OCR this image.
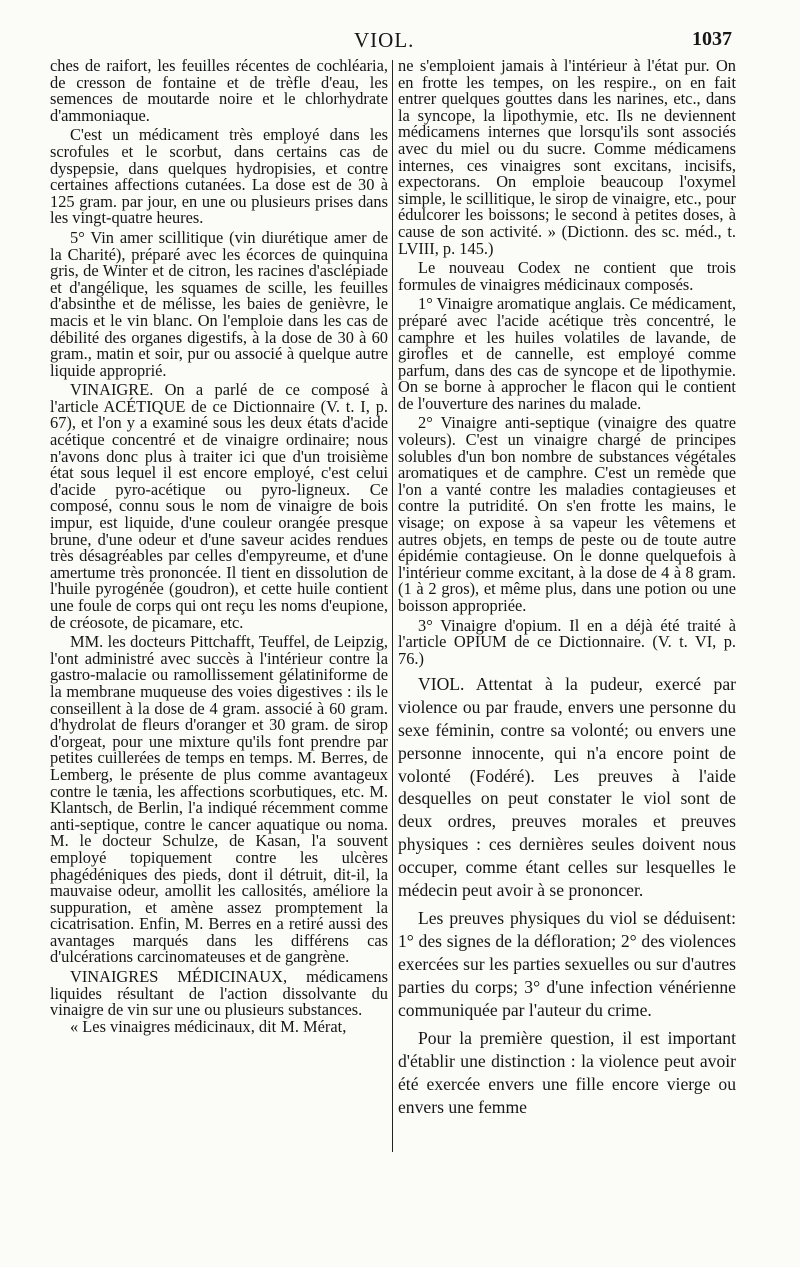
VIOL.	1037

ches de raifort, les feuilles récentes de cochléaria, de cresson de fontaine et de trèfle d'eau, les semences de moutarde noire et le chlorhydrate d'ammoniaque.

C'est un médicament très employé dans les scrofules et le scorbut, dans certains cas de dyspepsie, dans quelques hydropisies, et contre certaines affections cutanées. La dose est de 30 à 125 gram. par jour, en une ou plusieurs prises dans les vingt-quatre heures.

5° Vin amer scillitique (vin diurétique amer de la Charité), préparé avec les écorces de quinquina gris, de Winter et de citron, les racines d'asclépiade et d'angélique, les squames de scille, les feuilles d'absinthe et de mélisse, les baies de genièvre, le macis et le vin blanc. On l'emploie dans les cas de débilité des organes digestifs, à la dose de 30 à 60 gram., matin et soir, pur ou associé à quelque autre liquide approprié.

VINAIGRE. On a parlé de ce composé à l'article ACÉTIQUE de ce Dictionnaire (V. t. I, p. 67), et l'on y a examiné sous les deux états d'acide acétique concentré et de vinaigre ordinaire; nous n'avons donc plus à traiter ici que d'un troisième état sous lequel il est encore employé, c'est celui d'acide pyro-acétique ou pyro-ligneux. Ce composé, connu sous le nom de vinaigre de bois impur, est liquide, d'une couleur orangée presque brune, d'une odeur et d'une saveur acides rendues très désagréables par celles d'empyreume, et d'une amertume très prononcée. Il tient en dissolution de l'huile pyrogénée (goudron), et cette huile contient une foule de corps qui ont reçu les noms d'eupione, de créosote, de picamare, etc.

MM. les docteurs Pittchafft, Teuffel, de Leipzig, l'ont administré avec succès à l'intérieur contre la gastro-malacie ou ramollissement gélatiniforme de la membrane muqueuse des voies digestives : ils le conseillent à la dose de 4 gram. associé à 60 gram. d'hydrolat de fleurs d'oranger et 30 gram. de sirop d'orgeat, pour une mixture qu'ils font prendre par petites cuillerées de temps en temps. M. Berres, de Lemberg, le présente de plus comme avantageux contre le tænia, les affections scorbutiques, etc. M. Klantsch, de Berlin, l'a indiqué récemment comme anti-septique, contre le cancer aquatique ou noma. M. le docteur Schulze, de Kasan, l'a souvent employé topiquement contre les ulcères phagédéniques des pieds, dont il détruit, dit-il, la mauvaise odeur, amollit les callosités, améliore la suppuration, et amène assez promptement la cicatrisation. Enfin, M. Berres en a retiré aussi des avantages marqués dans les différens cas d'ulcérations carcinomateuses et de gangrène.

VINAIGRES MÉDICINAUX, médicamens liquides résultant de l'action dissolvante du vinaigre de vin sur une ou plusieurs substances.

« Les vinaigres médicinaux, dit M. Mérat,

ne s'emploient jamais à l'intérieur à l'état pur. On en frotte les tempes, on les respire., on en fait entrer quelques gouttes dans les narines, etc., dans la syncope, la lipothymie, etc. Ils ne deviennent médicamens internes que lorsqu'ils sont associés avec du miel ou du sucre. Comme médicamens internes, ces vinaigres sont excitans, incisifs, expectorans. On emploie beaucoup l'oxymel simple, le scillitique, le sirop de vinaigre, etc., pour édulcorer les boissons; le second à petites doses, à cause de son activité. » (Dictionn. des sc. méd., t. LVIII, p. 145.)

Le nouveau Codex ne contient que trois formules de vinaigres médicinaux composés.

1° Vinaigre aromatique anglais. Ce médicament, préparé avec l'acide acétique très concentré, le camphre et les huiles volatiles de lavande, de girofles et de cannelle, est employé comme parfum, dans des cas de syncope et de lipothymie. On se borne à approcher le flacon qui le contient de l'ouverture des narines du malade.

2° Vinaigre anti-septique (vinaigre des quatre voleurs). C'est un vinaigre chargé de principes solubles d'un bon nombre de substances végétales aromatiques et de camphre. C'est un remède que l'on a vanté contre les maladies contagieuses et contre la putridité. On s'en frotte les mains, le visage; on expose à sa vapeur les vêtemens et autres objets, en temps de peste ou de toute autre épidémie contagieuse. On le donne quelquefois à l'intérieur comme excitant, à la dose de 4 à 8 gram. (1 à 2 gros), et même plus, dans une potion ou une boisson appropriée.

3° Vinaigre d'opium. Il en a déjà été traité à l'article OPIUM de ce Dictionnaire. (V. t. VI, p. 76.)

VIOL. Attentat à la pudeur, exercé par violence ou par fraude, envers une personne du sexe féminin, contre sa volonté; ou envers une personne innocente, qui n'a encore point de volonté (Fodéré). Les preuves à l'aide desquelles on peut constater le viol sont de deux ordres, preuves morales et preuves physiques : ces dernières seules doivent nous occuper, comme étant celles sur lesquelles le médecin peut avoir à se prononcer.

Les preuves physiques du viol se déduisent: 1° des signes de la défloration; 2° des violences exercées sur les parties sexuelles ou sur d'autres parties du corps; 3° d'une infection vénérienne communiquée par l'auteur du crime.

Pour la première question, il est important d'établir une distinction : la violence peut avoir été exercée envers une fille encore vierge ou envers une femme
